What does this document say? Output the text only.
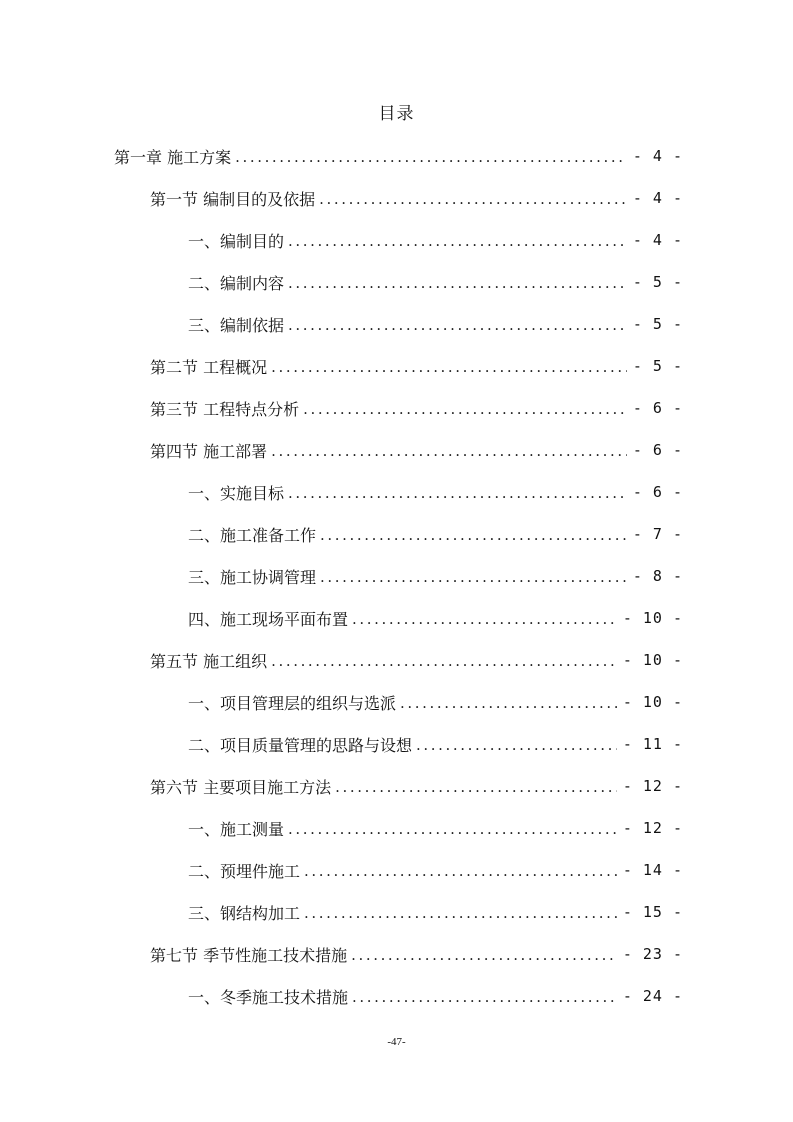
目录
第一章 施工方案 .....	- 4 -
第一节 编制目的及依据 .....	- 4 -
一、编制目的 .....	- 4 -
二、编制内容 .....	- 5 -
三、编制依据 .....	- 5 -
第二节 工程概况 .....	- 5 -
第三节 工程特点分析 .....	- 6 -
第四节 施工部署 .....	- 6 -
一、实施目标 .....	- 6 -
二、施工准备工作 .....	- 7 -
三、施工协调管理 .....	- 8 -
四、施工现场平面布置 .....	- 10 -
第五节 施工组织 .....	- 10 -
一、项目管理层的组织与选派 .....	- 10 -
二、项目质量管理的思路与设想 .....	- 11 -
第六节 主要项目施工方法 .....	- 12 -
一、施工测量 .....	- 12 -
二、预埋件施工 .....	- 14 -
三、钢结构加工 .....	- 15 -
第七节 季节性施工技术措施 .....	- 23 -
一、冬季施工技术措施 .....	- 24 -
-47-
